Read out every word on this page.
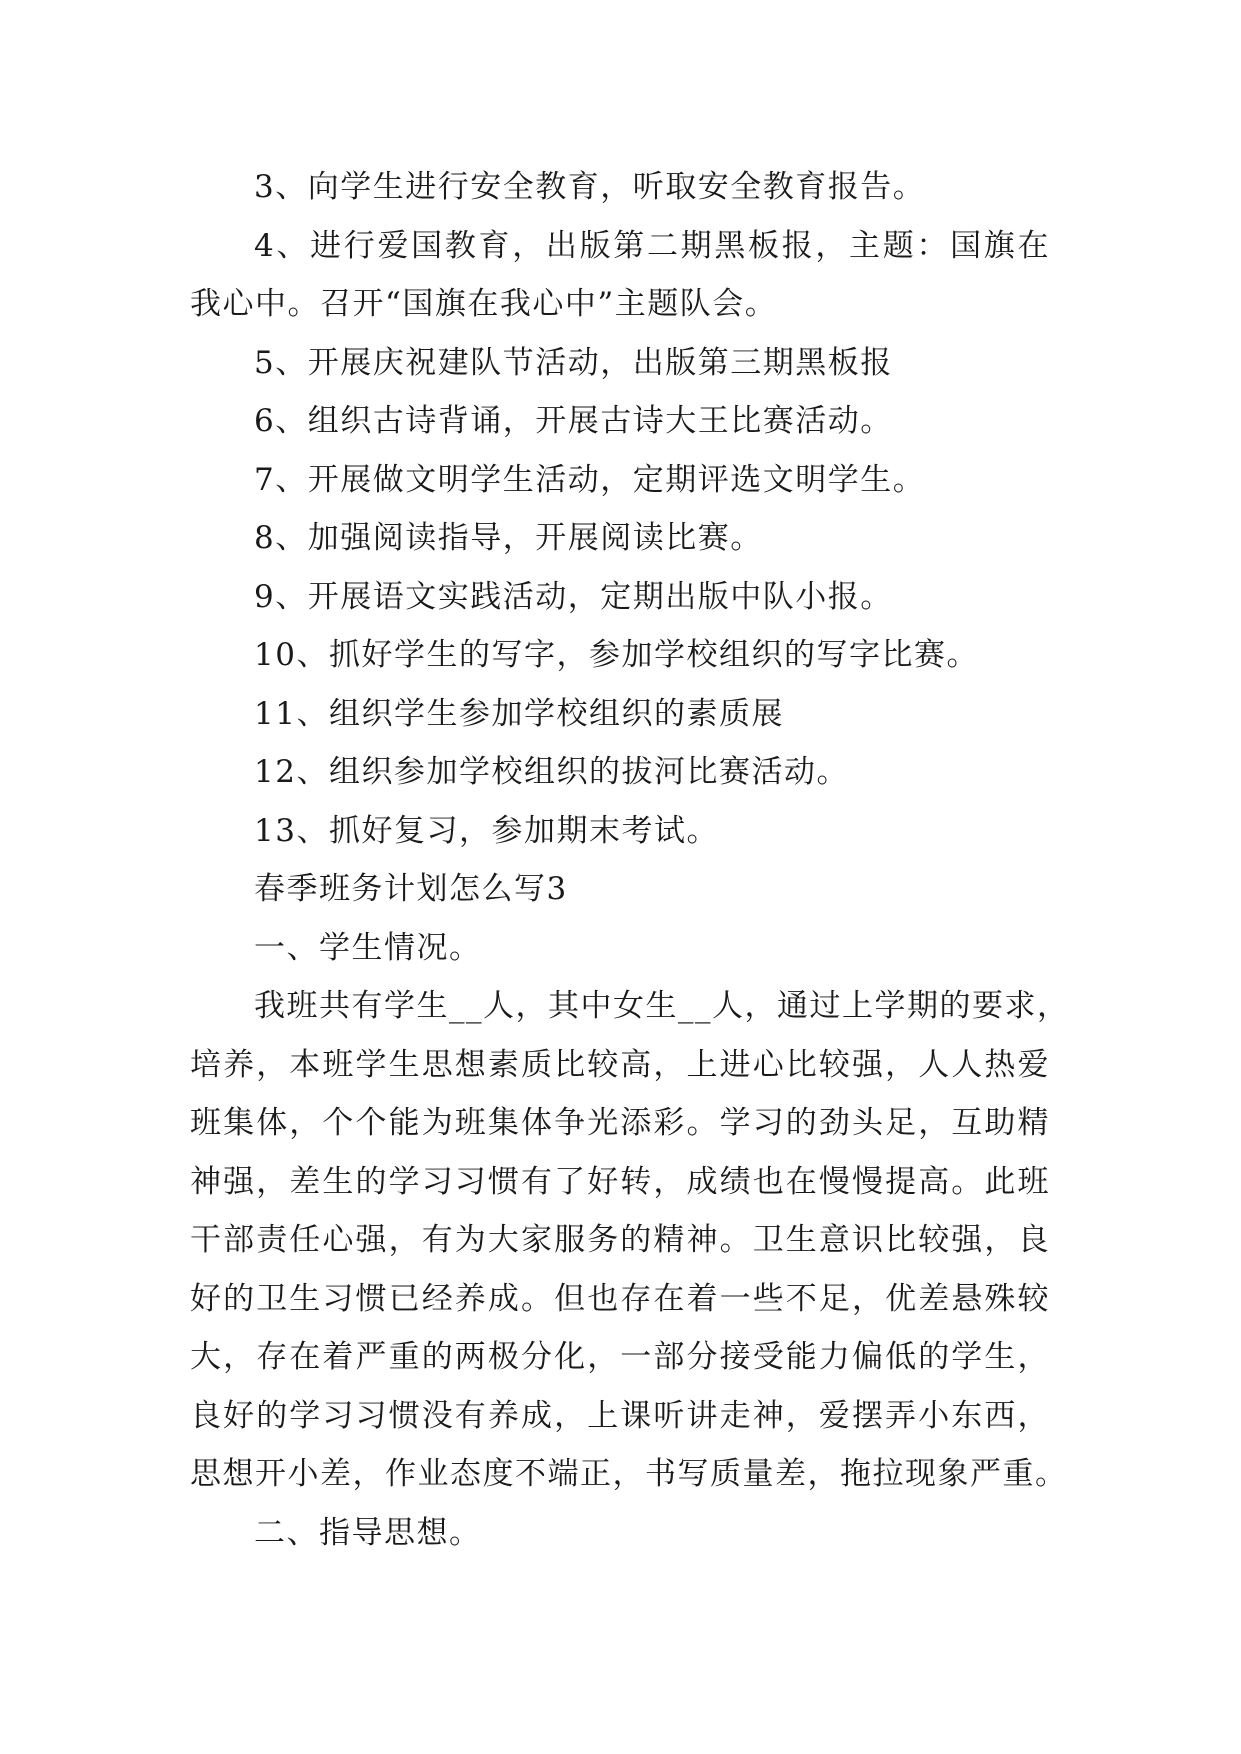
3、向学生进行安全教育，听取安全教育报告。
4、进行爱国教育，出版第二期黑板报，主题：国旗在
我心中。召开“国旗在我心中”主题队会。
5、开展庆祝建队节活动，出版第三期黑板报
6、组织古诗背诵，开展古诗大王比赛活动。
7、开展做文明学生活动，定期评选文明学生。
8、加强阅读指导，开展阅读比赛。
9、开展语文实践活动，定期出版中队小报。
10、抓好学生的写字，参加学校组织的写字比赛。
11、组织学生参加学校组织的素质展
12、组织参加学校组织的拔河比赛活动。
13、抓好复习，参加期末考试。
春季班务计划怎么写3
一、学生情况。
我班共有学生__人，其中女生__人，通过上学期的要求，
培养，本班学生思想素质比较高，上进心比较强，人人热爱
班集体，个个能为班集体争光添彩。学习的劲头足，互助精
神强，差生的学习习惯有了好转，成绩也在慢慢提高。此班
干部责任心强，有为大家服务的精神。卫生意识比较强，良
好的卫生习惯已经养成。但也存在着一些不足，优差悬殊较
大，存在着严重的两极分化，一部分接受能力偏低的学生，
良好的学习习惯没有养成，上课听讲走神，爱摆弄小东西，
思想开小差，作业态度不端正，书写质量差，拖拉现象严重。
二、指导思想。
